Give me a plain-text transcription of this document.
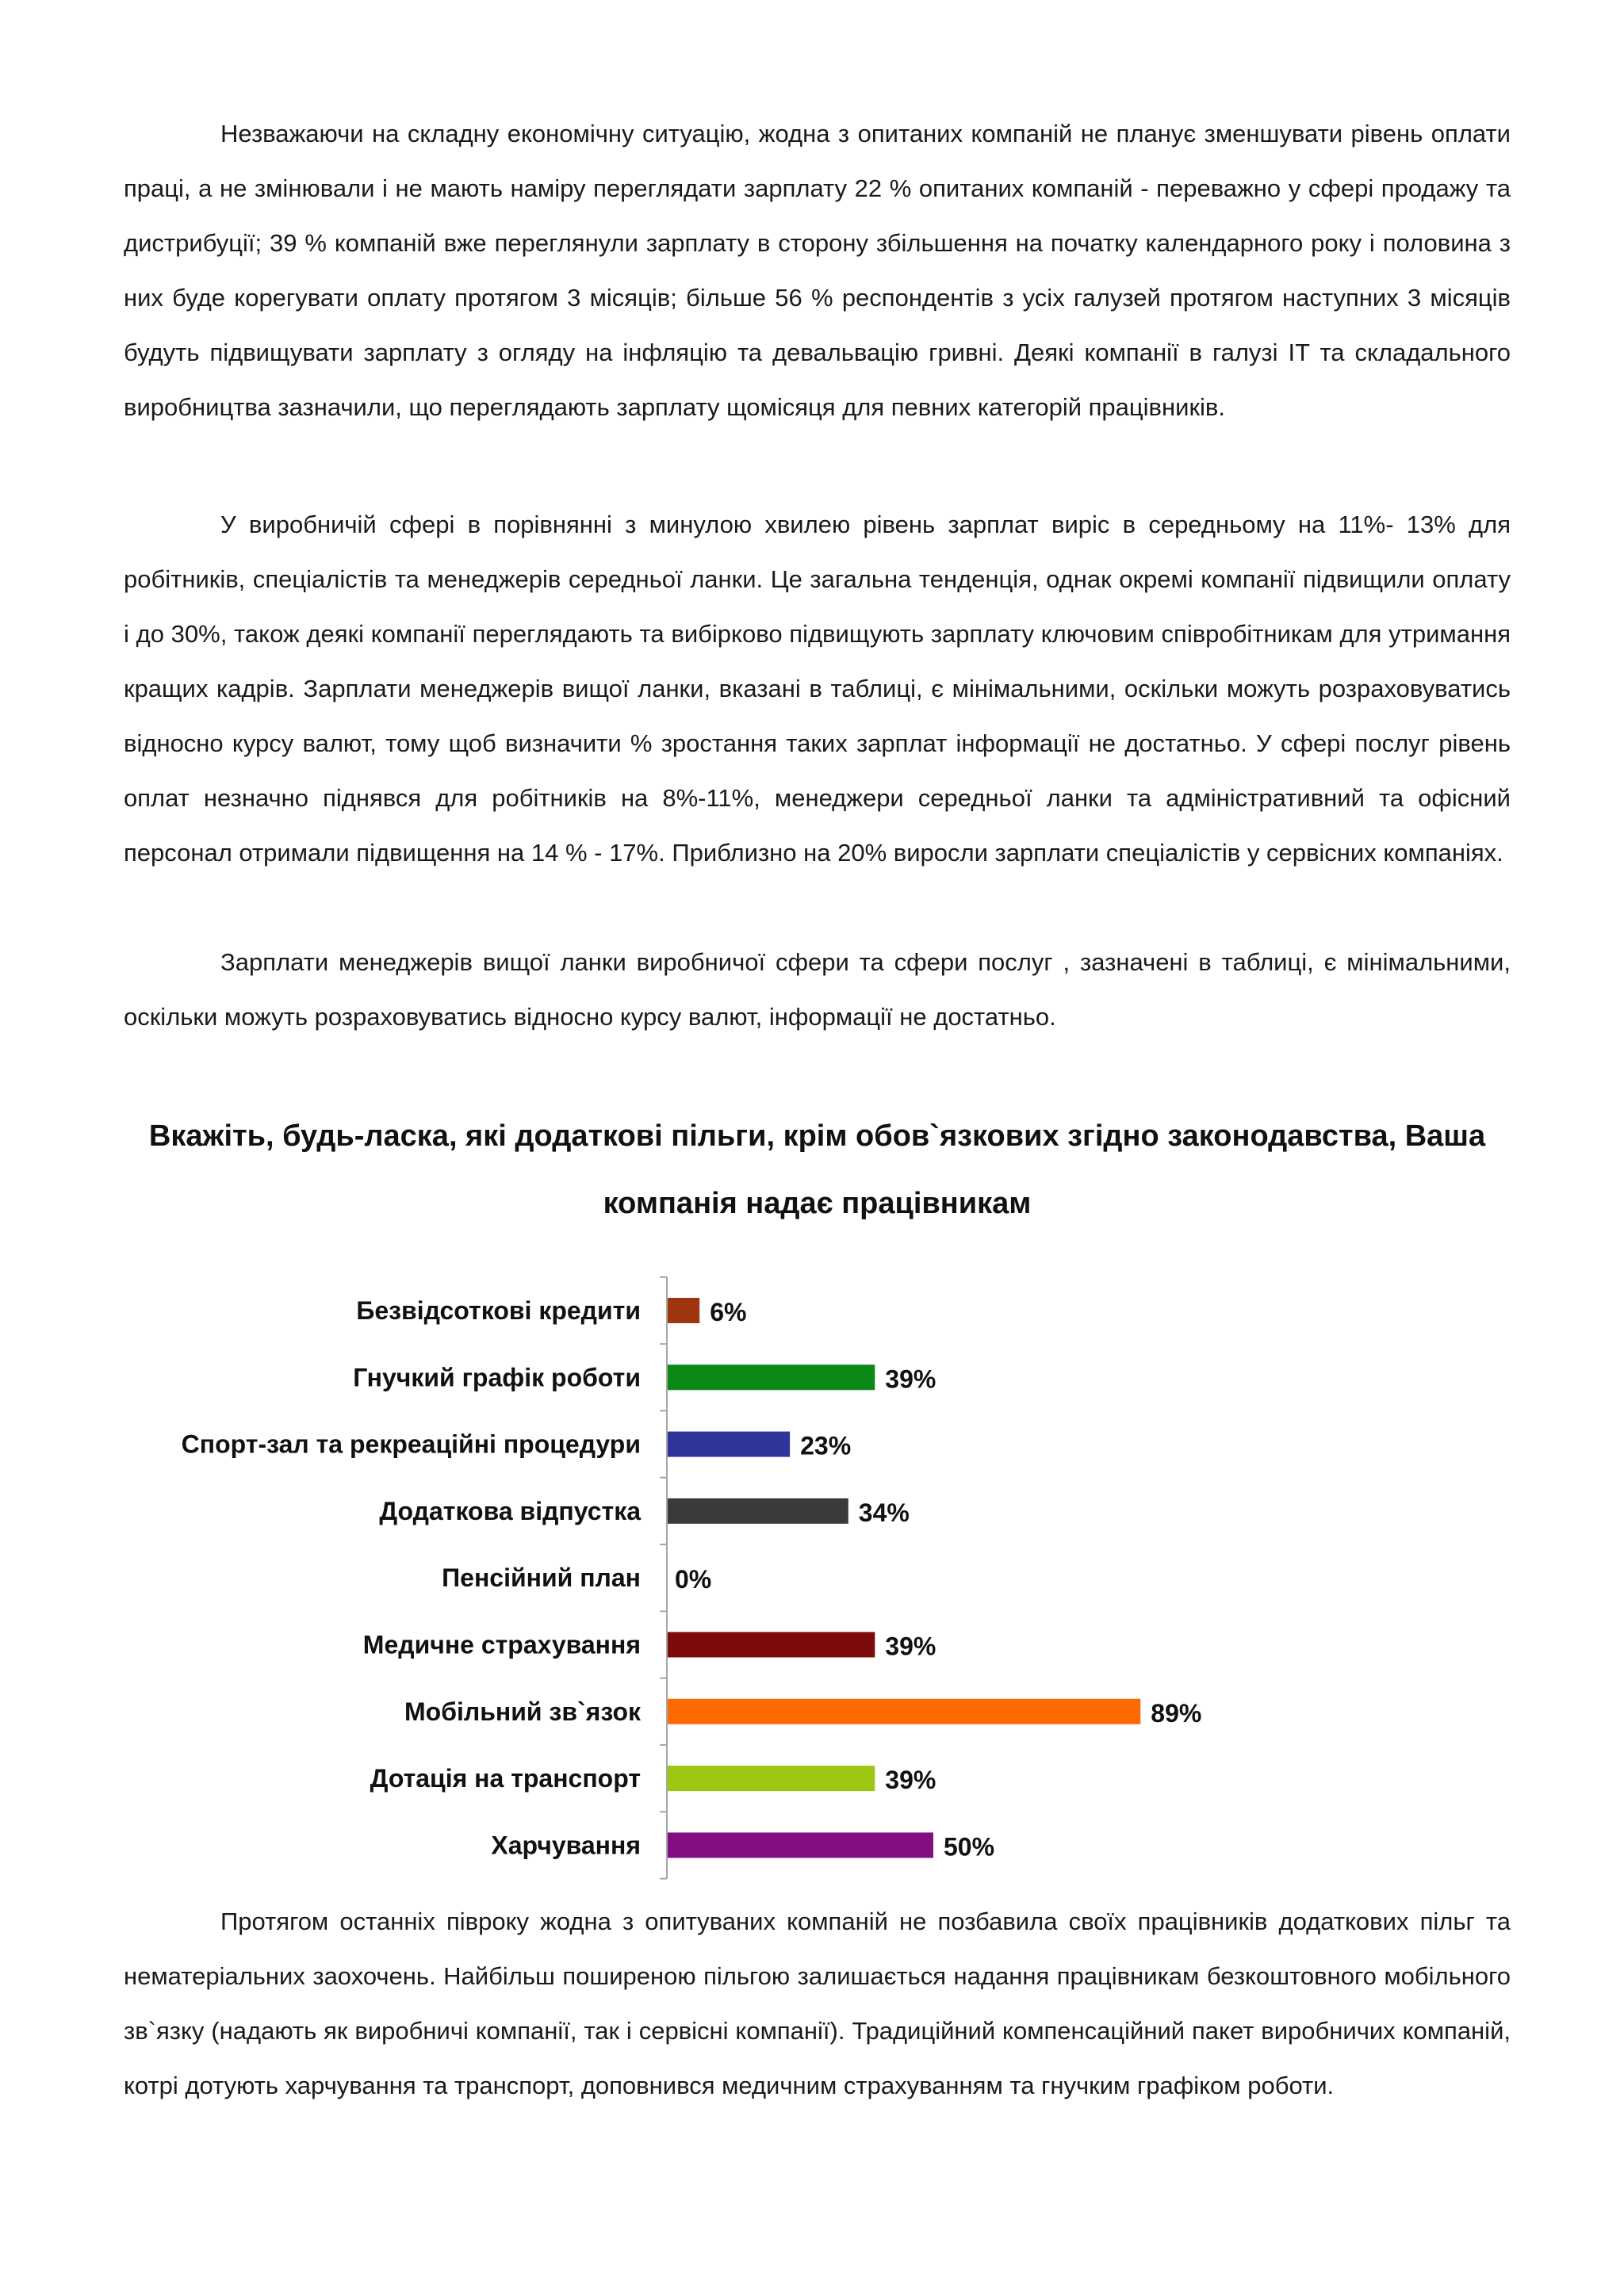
Незважаючи на складну економічну ситуацію, жодна з опитаних компаній не планує зменшувати рівень оплати праці, а не змінювали і не мають наміру переглядати зарплату 22 % опитаних компаній - переважно у сфері продажу та дистрибуції; 39 % компаній вже переглянули зарплату в сторону збільшення на початку календарного року і половина з них буде корегувати оплату протягом 3 місяців; більше 56 % респондентів з усіх галузей протягом наступних 3 місяців будуть підвищувати зарплату з огляду на інфляцію та девальвацію гривні. Деякі компанії в галузі IT та складального виробництва зазначили, що переглядають зарплату щомісяця для певних категорій працівників.

У виробничій сфері в порівнянні з минулою хвилею рівень зарплат виріс в середньому на 11%- 13% для робітників, спеціалістів та менеджерів середньої ланки. Це загальна тенденція, однак окремі компанії підвищили оплату і до 30%, також деякі компанії переглядають та вибірково підвищують зарплату ключовим співробітникам для утримання кращих кадрів. Зарплати менеджерів вищої ланки, вказані в таблиці, є мінімальними, оскільки можуть розраховуватись відносно курсу валют, тому щоб визначити % зростання таких зарплат інформації не достатньо. У сфері послуг рівень оплат незначно піднявся для робітників на 8%-11%, менеджери середньої ланки та адміністративний та офісний персонал отримали підвищення на 14 % - 17%. Приблизно на 20% виросли зарплати спеціалістів у сервісних компаніях.

Зарплати менеджерів вищої ланки виробничої сфери та сфери послуг , зазначені в таблиці, є мінімальними, оскільки можуть розраховуватись відносно курсу валют, інформації не достатньо.

Вкажіть, будь-ласка, які додаткові пільги, крім обов`язкових згідно законодавства, Ваша компанія надає працівникам
Безвідсоткові кредити	6%
Гнучкий графік роботи	39%
Спорт-зал та рекреаційні процедури	23%
Додаткова відпустка	34%
Пенсійний план 0%
Медичне страхування	39%
Мобільний зв`язок	89%
Дотація на транспорт	39%
Харчування	50%

Протягом останніх півроку жодна з опитуваних компаній не позбавила своїх працівників додаткових пільг та нематеріальних заохочень. Найбільш поширеною пільгою залишається надання працівникам безкоштовного мобільного зв`язку (надають як виробничі компанії, так і сервісні компанії). Традиційний компенсаційний пакет виробничих компаній, котрі дотують харчування та транспорт, доповнився медичним страхуванням та гнучким графіком роботи.
